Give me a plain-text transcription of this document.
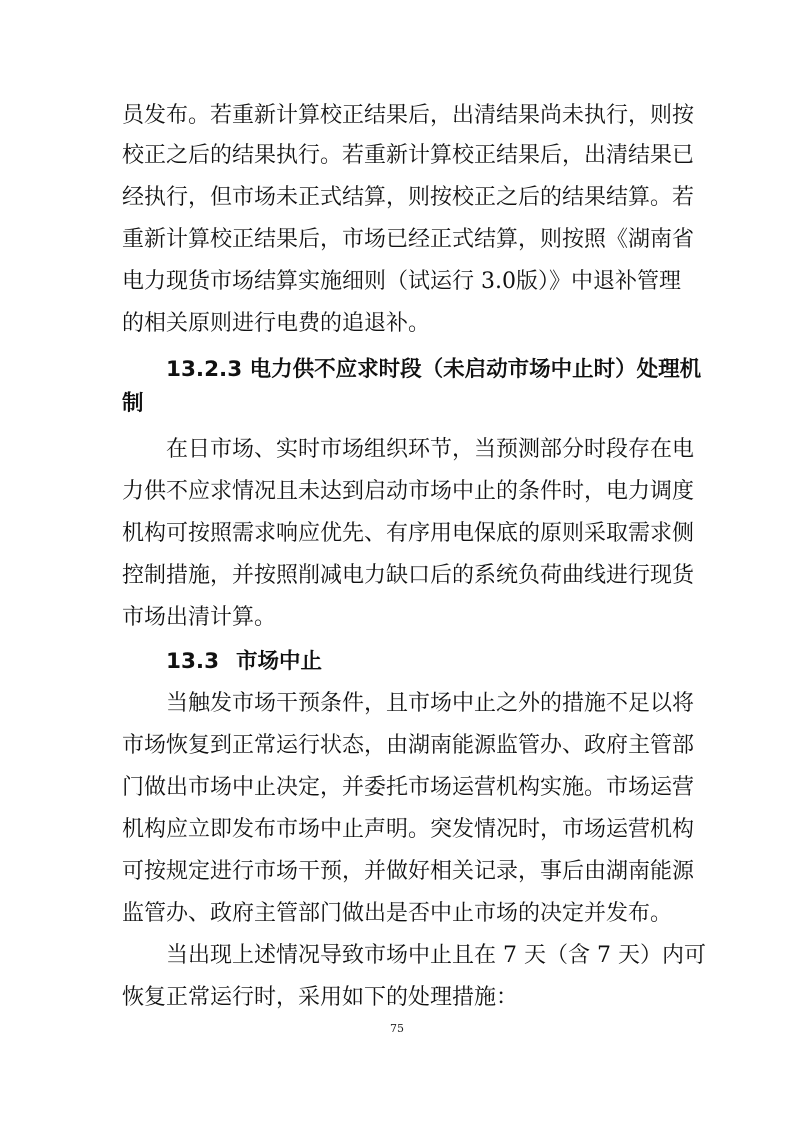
员发布。若重新计算校正结果后，出清结果尚未执行，则按
校正之后的结果执行。若重新计算校正结果后，出清结果已
经执行，但市场未正式结算，则按校正之后的结果结算。若
重新计算校正结果后，市场已经正式结算，则按照《湖南省
电力现货市场结算实施细则（试运行 3.0版）》中退补管理
的相关原则进行电费的追退补。
13.2.3 电力供不应求时段（未启动市场中止时）处理机
制
在日市场、实时市场组织环节，当预测部分时段存在电
力供不应求情况且未达到启动市场中止的条件时，电力调度
机构可按照需求响应优先、有序用电保底的原则采取需求侧
控制措施，并按照削减电力缺口后的系统负荷曲线进行现货
市场出清计算。
13.3 市场中止
当触发市场干预条件，且市场中止之外的措施不足以将
市场恢复到正常运行状态，由湖南能源监管办、政府主管部
门做出市场中止决定，并委托市场运营机构实施。市场运营
机构应立即发布市场中止声明。突发情况时，市场运营机构
可按规定进行市场干预，并做好相关记录，事后由湖南能源
监管办、政府主管部门做出是否中止市场的决定并发布。
当出现上述情况导致市场中止且在 7 天（含 7 天）内可
恢复正常运行时，采用如下的处理措施：
75
